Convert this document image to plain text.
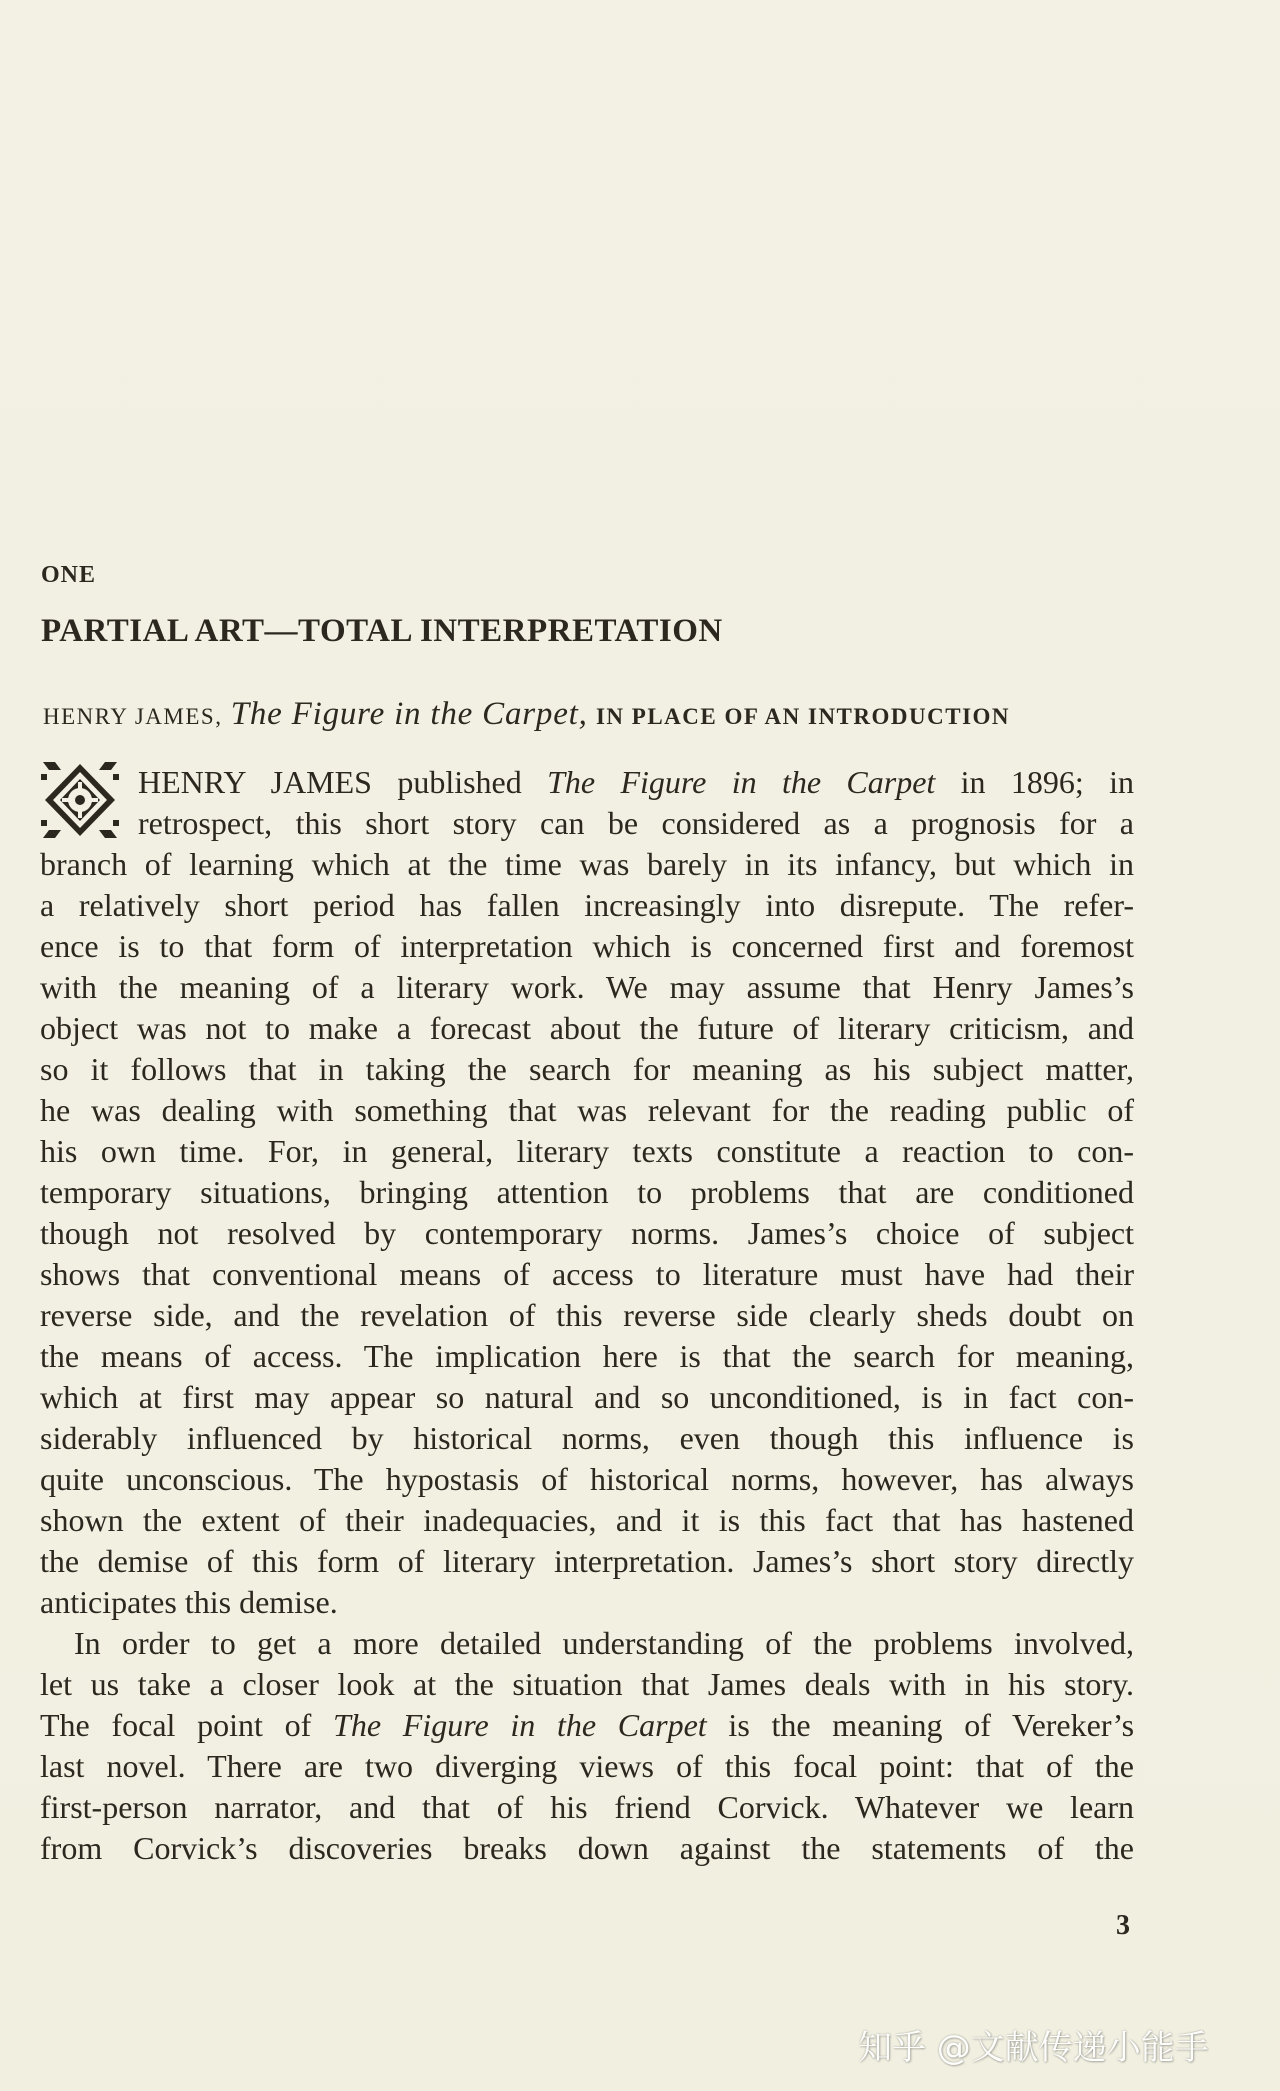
ONE
PARTIAL ART—TOTAL INTERPRETATION
HENRY JAMES, The Figure in the Carpet, IN PLACE OF AN INTRODUCTION
HENRY JAMES published The Figure in the Carpet in 1896; in
retrospect, this short story can be considered as a prognosis for a
branch of learning which at the time was barely in its infancy, but which in
a relatively short period has fallen increasingly into disrepute. The refer-
ence is to that form of interpretation which is concerned first and foremost
with the meaning of a literary work. We may assume that Henry James’s
object was not to make a forecast about the future of literary criticism, and
so it follows that in taking the search for meaning as his subject matter,
he was dealing with something that was relevant for the reading public of
his own time. For, in general, literary texts constitute a reaction to con-
temporary situations, bringing attention to problems that are conditioned
though not resolved by contemporary norms. James’s choice of subject
shows that conventional means of access to literature must have had their
reverse side, and the revelation of this reverse side clearly sheds doubt on
the means of access. The implication here is that the search for meaning,
which at first may appear so natural and so unconditioned, is in fact con-
siderably influenced by historical norms, even though this influence is
quite unconscious. The hypostasis of historical norms, however, has always
shown the extent of their inadequacies, and it is this fact that has hastened
the demise of this form of literary interpretation. James’s short story directly
anticipates this demise.
In order to get a more detailed understanding of the problems involved,
let us take a closer look at the situation that James deals with in his story.
The focal point of The Figure in the Carpet is the meaning of Vereker’s
last novel. There are two diverging views of this focal point: that of the
first-person narrator, and that of his friend Corvick. Whatever we learn
from Corvick’s discoveries breaks down against the statements of the
3
知乎 @文献传递小能手
